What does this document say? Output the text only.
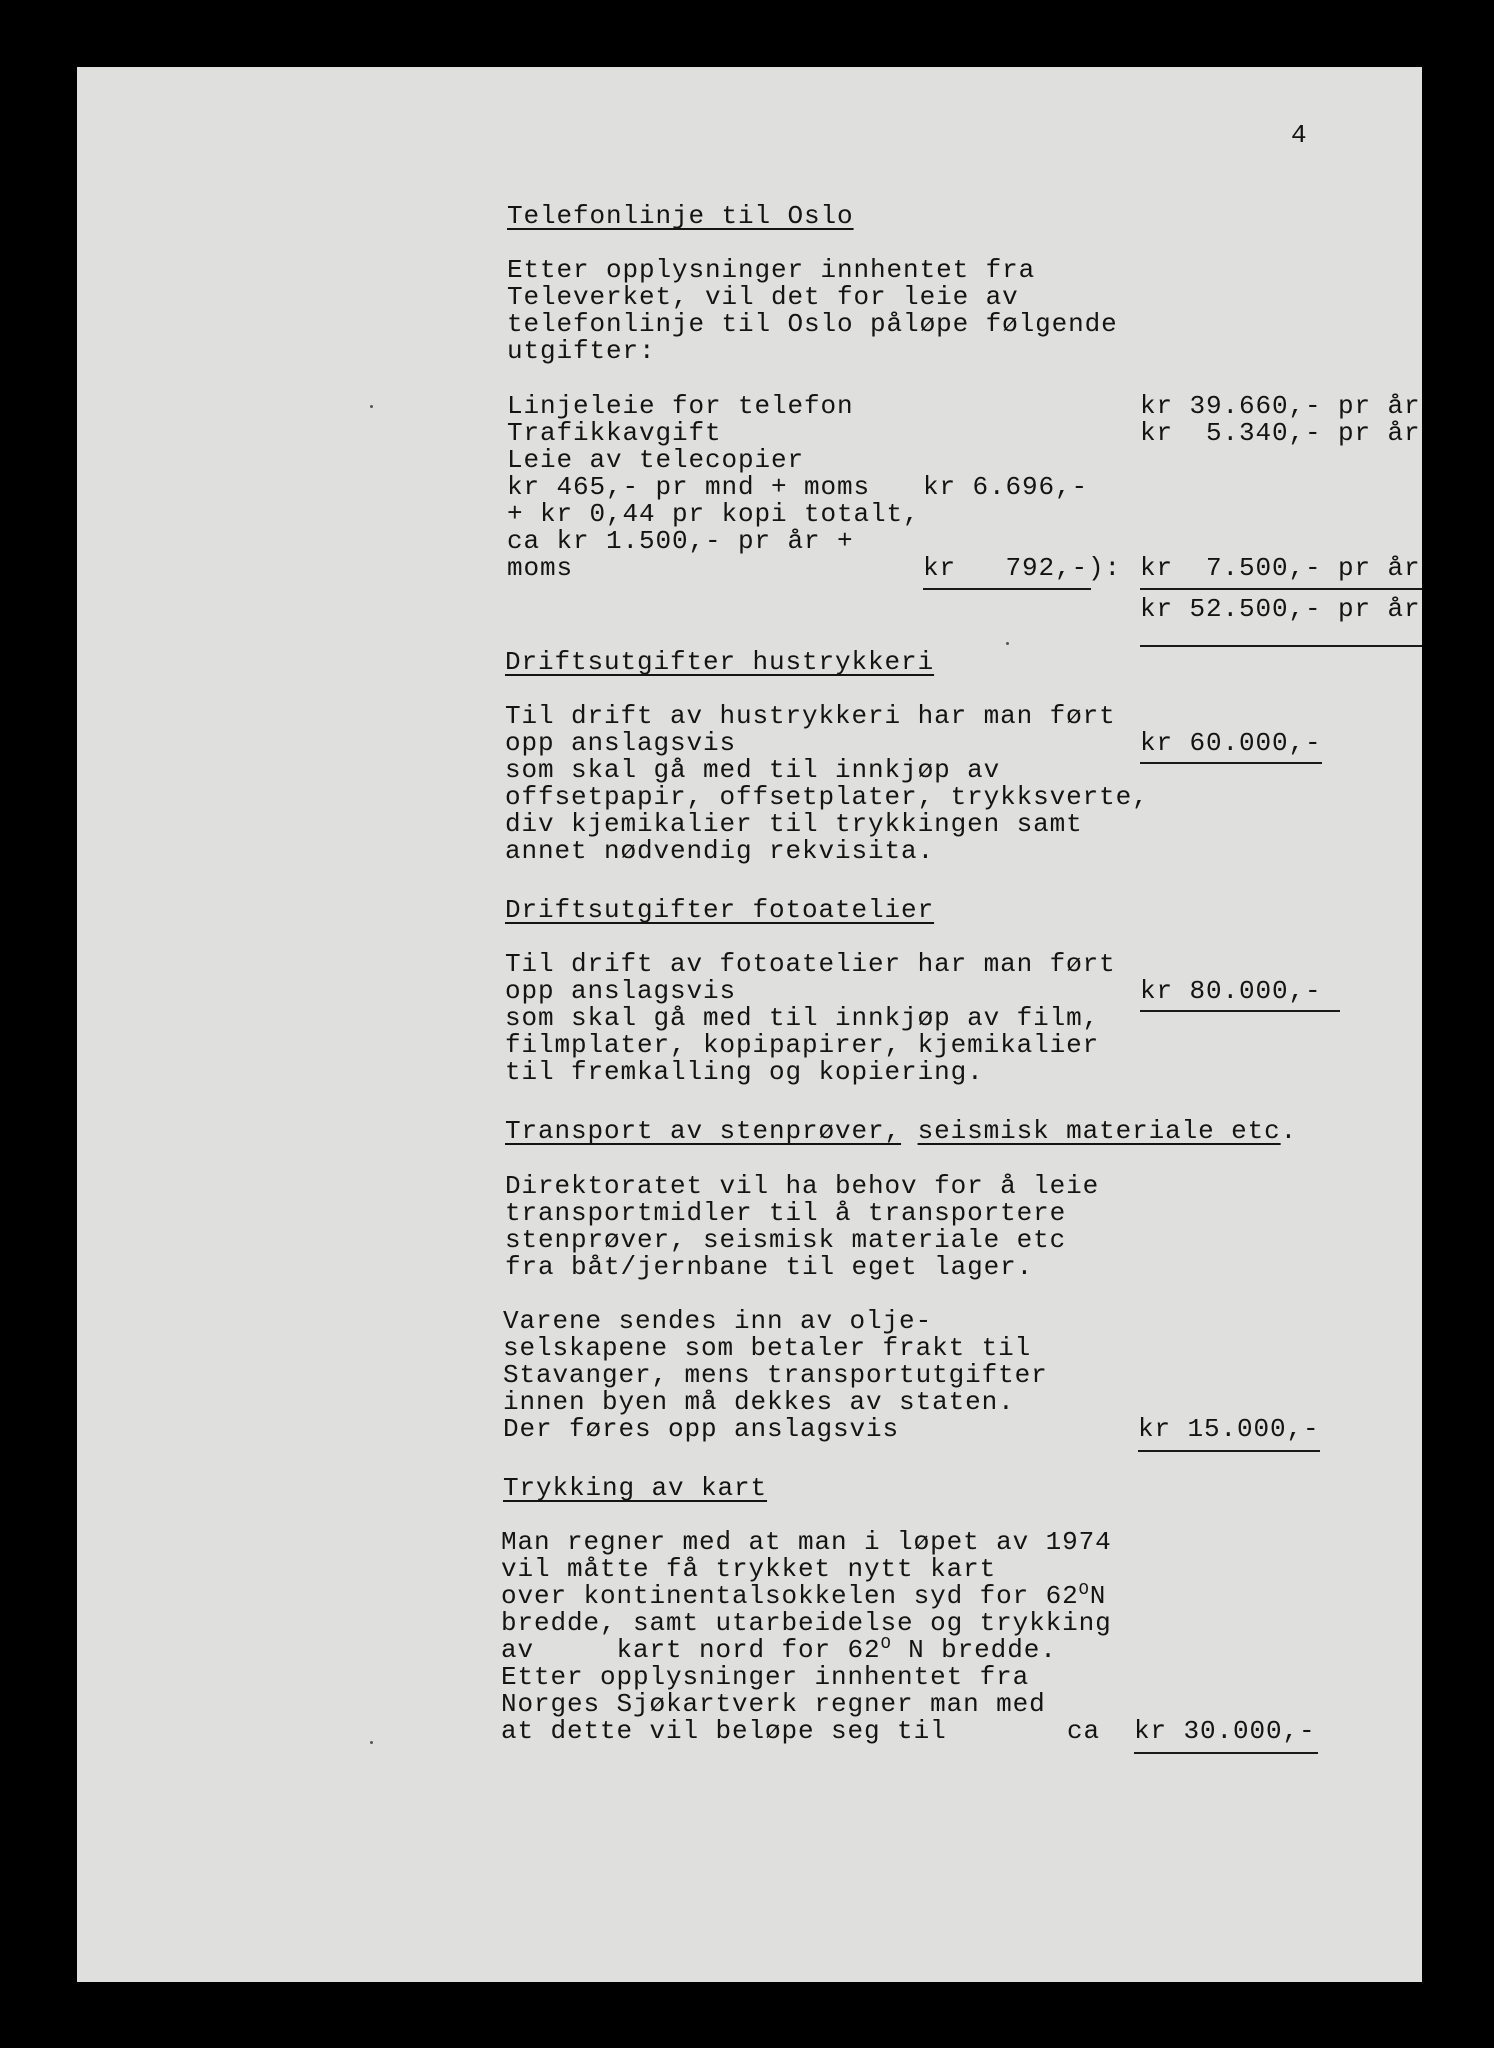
4
Telefonlinje til Oslo
Etter opplysninger innhentet fra
Televerket, vil det for leie av
telefonlinje til Oslo påløpe følgende
utgifter:
Linjeleie for telefon	kr 39.660,- pr år
Trafikkavgift	kr  5.340,- pr år
Leie av telecopier
kr 465,- pr mnd + moms kr 6.696,-
+ kr 0,44 pr kopi totalt,
ca kr 1.500,- pr år +
moms	kr   792,-): kr  7.500,- pr år
kr 52.500,- pr år
Driftsutgifter hustrykkeri
Til drift av hustrykkeri har man ført
opp anslagsvis	kr 60.000,-
som skal gå med til innkjøp av
offsetpapir, offsetplater, trykksverte,
div kjemikalier til trykkingen samt
annet nødvendig rekvisita.
Driftsutgifter fotoatelier
Til drift av fotoatelier har man ført
opp anslagsvis	kr 80.000,-
som skal gå med til innkjøp av film,
filmplater, kopipapirer, kjemikalier
til fremkalling og kopiering.
Transport av stenprøver, seismisk materiale etc.
Direktoratet vil ha behov for å leie
transportmidler til å transportere
stenprøver, seismisk materiale etc
fra båt/jernbane til eget lager.
Varene sendes inn av olje-
selskapene som betaler frakt til
Stavanger, mens transportutgifter
innen byen må dekkes av staten.
Der føres opp anslagsvis	kr 15.000,-
Trykking av kart
Man regner med at man i løpet av 1974
vil måtte få trykket nytt kart
over kontinentalsokkelen syd for $62^ON$
bredde, samt utarbeidelse og trykking
av     kart nord for $62^O$ N bredde.
Etter opplysninger innhentet fra
Norges Sjøkartverk regner man med
at dette vil beløpe seg til	ca kr 30.000,-
